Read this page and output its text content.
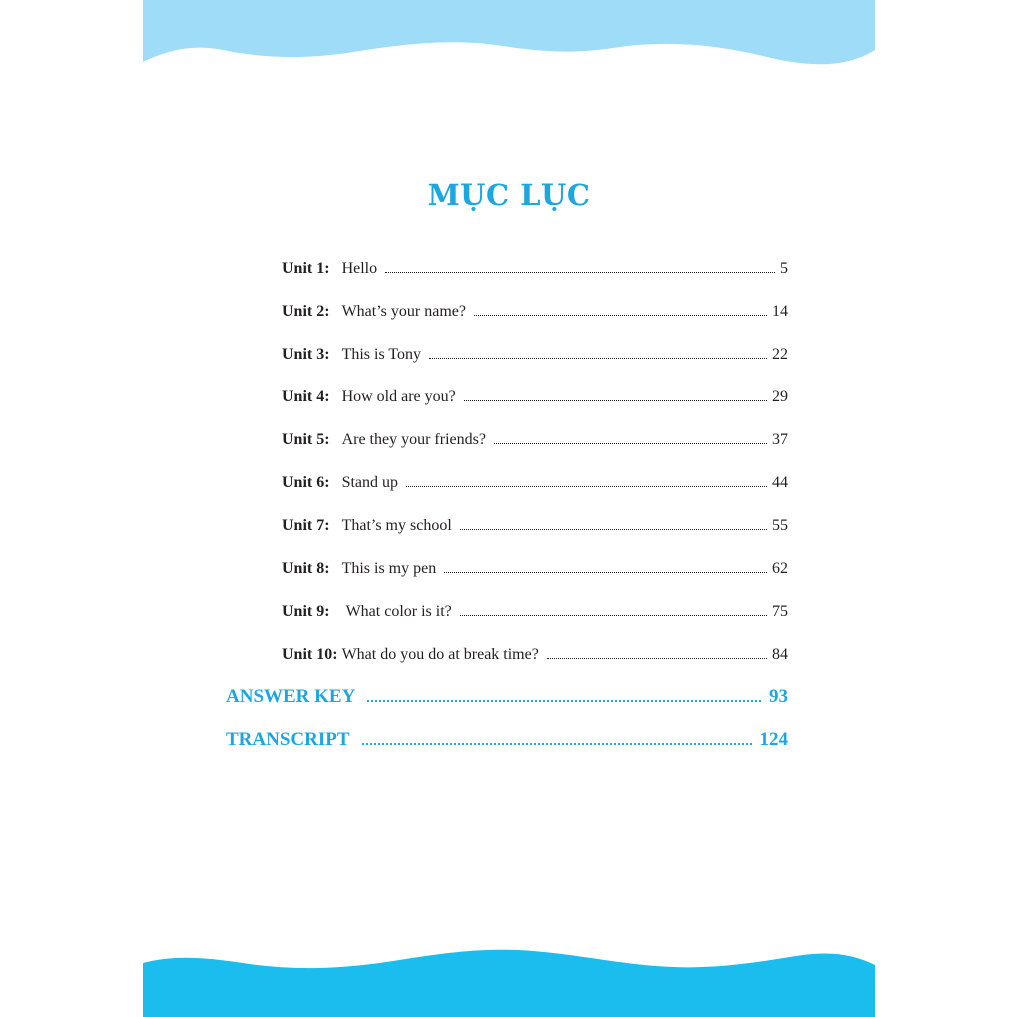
MỤC LỤC
Unit 1: Hello	5
Unit 2: What’s your name?	14
Unit 3: This is Tony	22
Unit 4: How old are you?	29
Unit 5: Are they your friends?	37
Unit 6: Stand up	44
Unit 7: That’s my school	55
Unit 8: This is my pen	62
Unit 9: What color is it?	75
Unit 10: What do you do at break time?	84
ANSWER KEY	93
TRANSCRIPT	124
